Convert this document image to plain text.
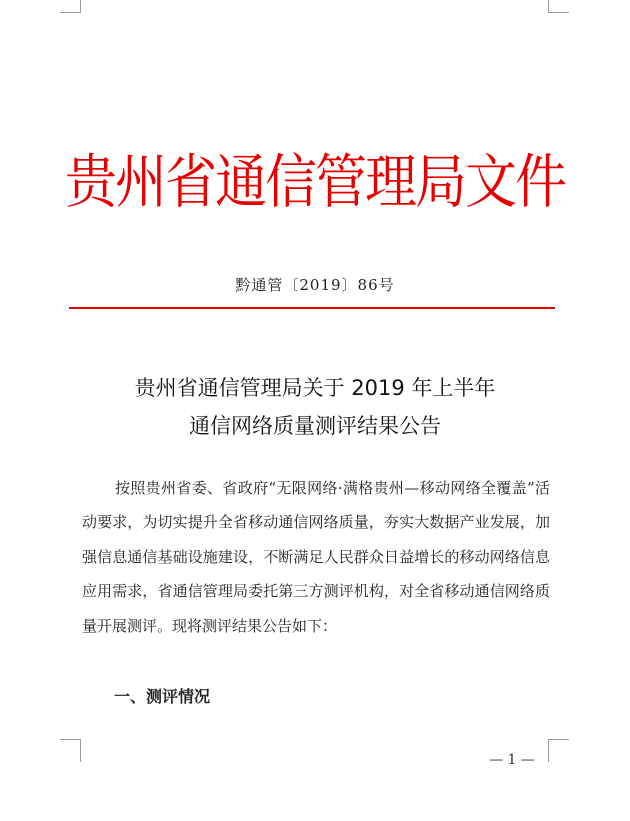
贵州省通信管理局文件
黔通管〔2019〕86号
贵州省通信管理局关于 2019 年上半年
通信网络质量测评结果公告

按照贵州省委、省政府“无限网络·满格贵州—移动网络全覆盖”活动要求，为切实提升全省移动通信网络质量，夯实大数据产业发展，加强信息通信基础设施建设，不断满足人民群众日益增长的移动网络信息应用需求，省通信管理局委托第三方测评机构，对全省移动通信网络质量开展测评。现将测评结果公告如下：

一、测评情况
— 1 —
